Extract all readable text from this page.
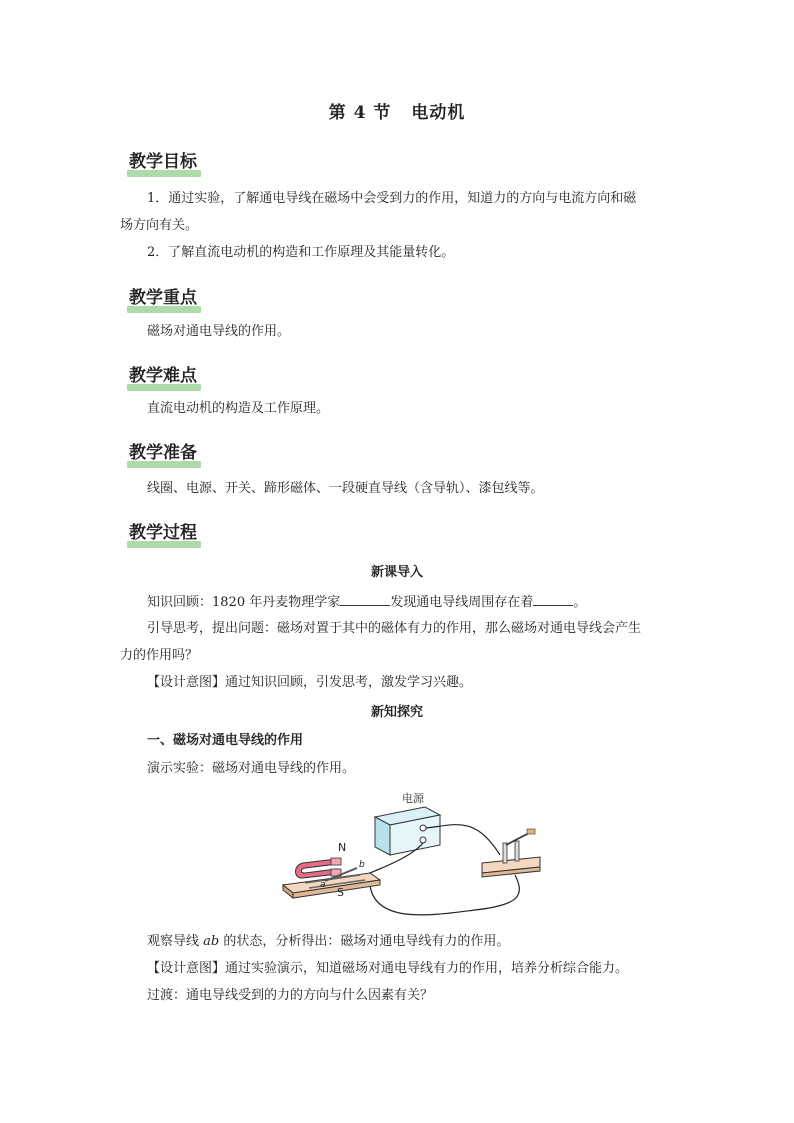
第 4 节 电动机
教学目标
1．通过实验，了解通电导线在磁场中会受到力的作用，知道力的方向与电流方向和磁
场方向有关。
2．了解直流电动机的构造和工作原理及其能量转化。
教学重点
磁场对通电导线的作用。
教学难点
直流电动机的构造及工作原理。
教学准备
线圈、电源、开关、蹄形磁体、一段硬直导线（含导轨）、漆包线等。
教学过程
新课导入
知识回顾：1820 年丹麦物理学家	发现通电导线周围存在着	。
引导思考，提出问题：磁场对置于其中的磁体有力的作用，那么磁场对通电导线会产生
力的作用吗？
【设计意图】通过知识回顾，引发思考，激发学习兴趣。
新知探究
一、磁场对通电导线的作用
演示实验：磁场对通电导线的作用。
电源
N
S
a
b
观察导线 ab 的状态，分析得出：磁场对通电导线有力的作用。
【设计意图】通过实验演示，知道磁场对通电导线有力的作用，培养分析综合能力。
过渡：通电导线受到的力的方向与什么因素有关？
